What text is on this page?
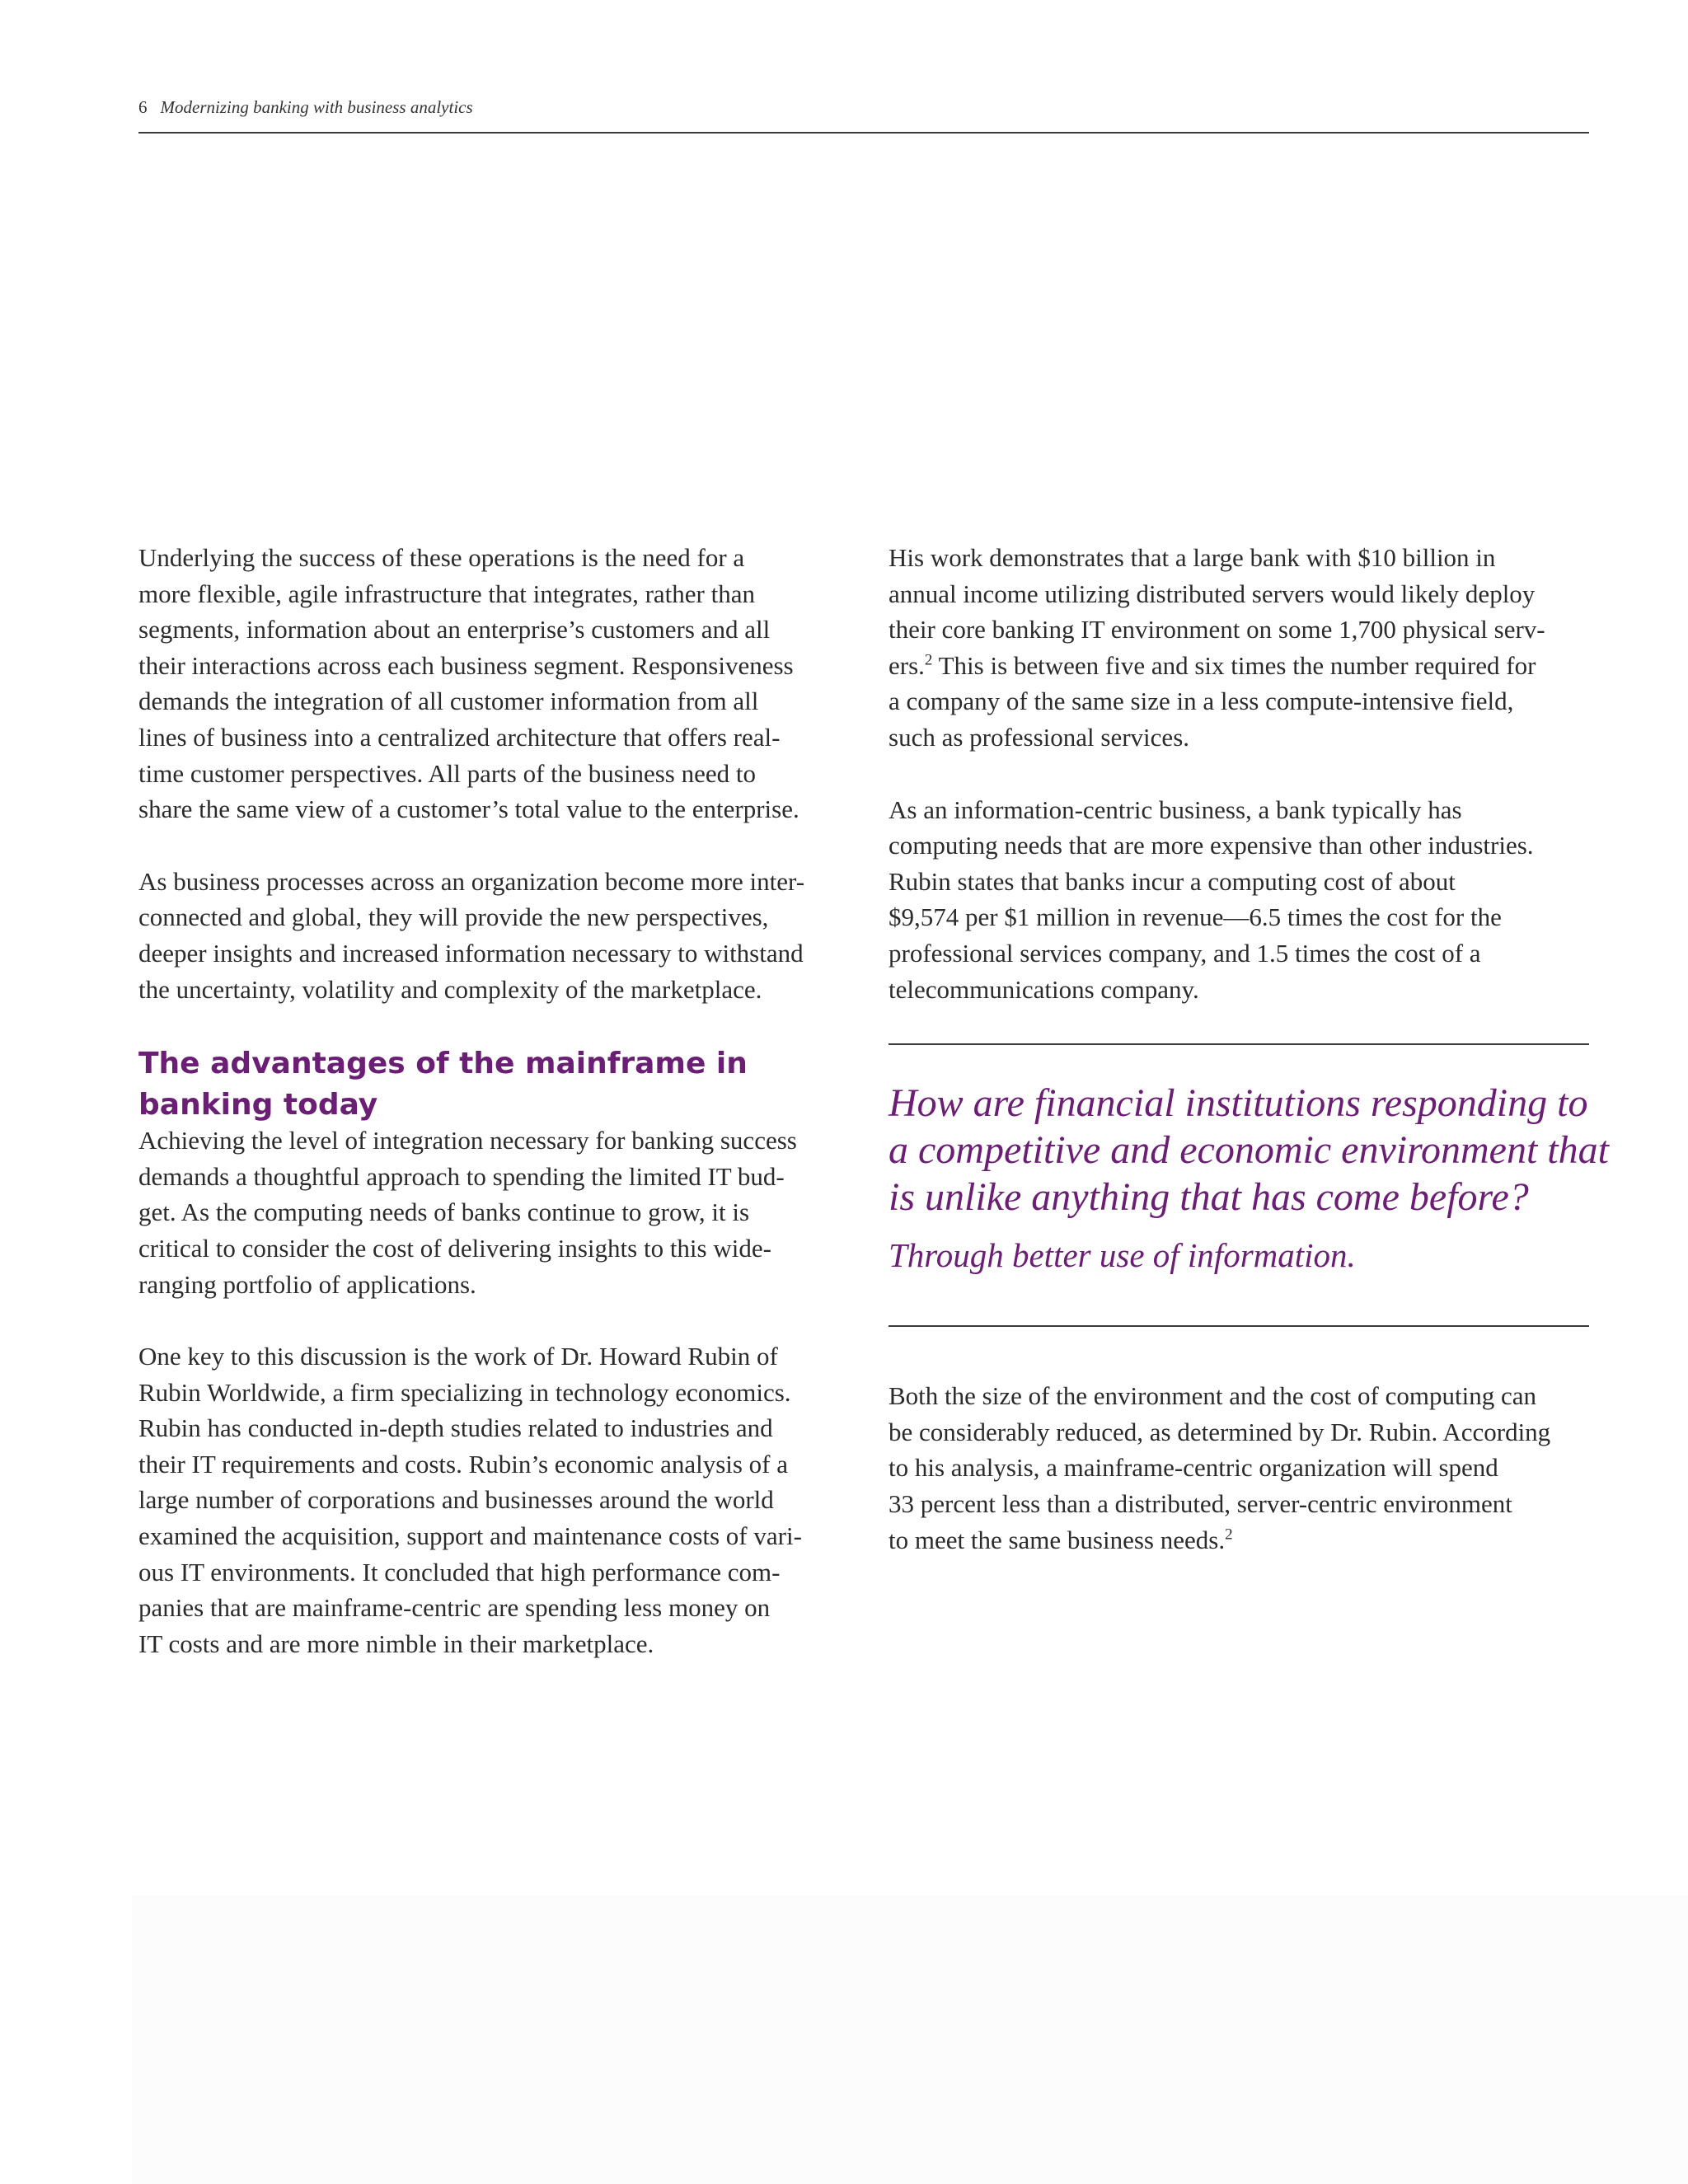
6 Modernizing banking with business analytics

Underlying the success of these operations is the need for a
more flexible, agile infrastructure that integrates, rather than
segments, information about an enterprise’s customers and all
their interactions across each business segment. Responsiveness
demands the integration of all customer information from all
lines of business into a centralized architecture that offers real-
time customer perspectives. All parts of the business need to
share the same view of a customer’s total value to the enterprise.

As business processes across an organization become more inter-
connected and global, they will provide the new perspectives,
deeper insights and increased information necessary to withstand
the uncertainty, volatility and complexity of the marketplace.

The advantages of the mainframe in
banking today

Achieving the level of integration necessary for banking success
demands a thoughtful approach to spending the limited IT bud-
get. As the computing needs of banks continue to grow, it is
critical to consider the cost of delivering insights to this wide-
ranging portfolio of applications.

One key to this discussion is the work of Dr. Howard Rubin of
Rubin Worldwide, a firm specializing in technology economics.
Rubin has conducted in-depth studies related to industries and
their IT requirements and costs. Rubin’s economic analysis of a
large number of corporations and businesses around the world
examined the acquisition, support and maintenance costs of vari-
ous IT environments. It concluded that high performance com-
panies that are mainframe-centric are spending less money on
IT costs and are more nimble in their marketplace.

His work demonstrates that a large bank with $10 billion in
annual income utilizing distributed servers would likely deploy
their core banking IT environment on some 1,700 physical serv-
ers.$^2$ This is between five and six times the number required for
a company of the same size in a less compute-intensive field,
such as professional services.

As an information-centric business, a bank typically has
computing needs that are more expensive than other industries.
Rubin states that banks incur a computing cost of about
$9,574 per $1 million in revenue—6.5 times the cost for the
professional services company, and 1.5 times the cost of a
telecommunications company.

How are financial institutions responding to
a competitive and economic environment that
is unlike anything that has come before?
Through better use of information.

Both the size of the environment and the cost of computing can
be considerably reduced, as determined by Dr. Rubin. According
to his analysis, a mainframe-centric organization will spend
33 percent less than a distributed, server-centric environment
to meet the same business needs.$^2$
